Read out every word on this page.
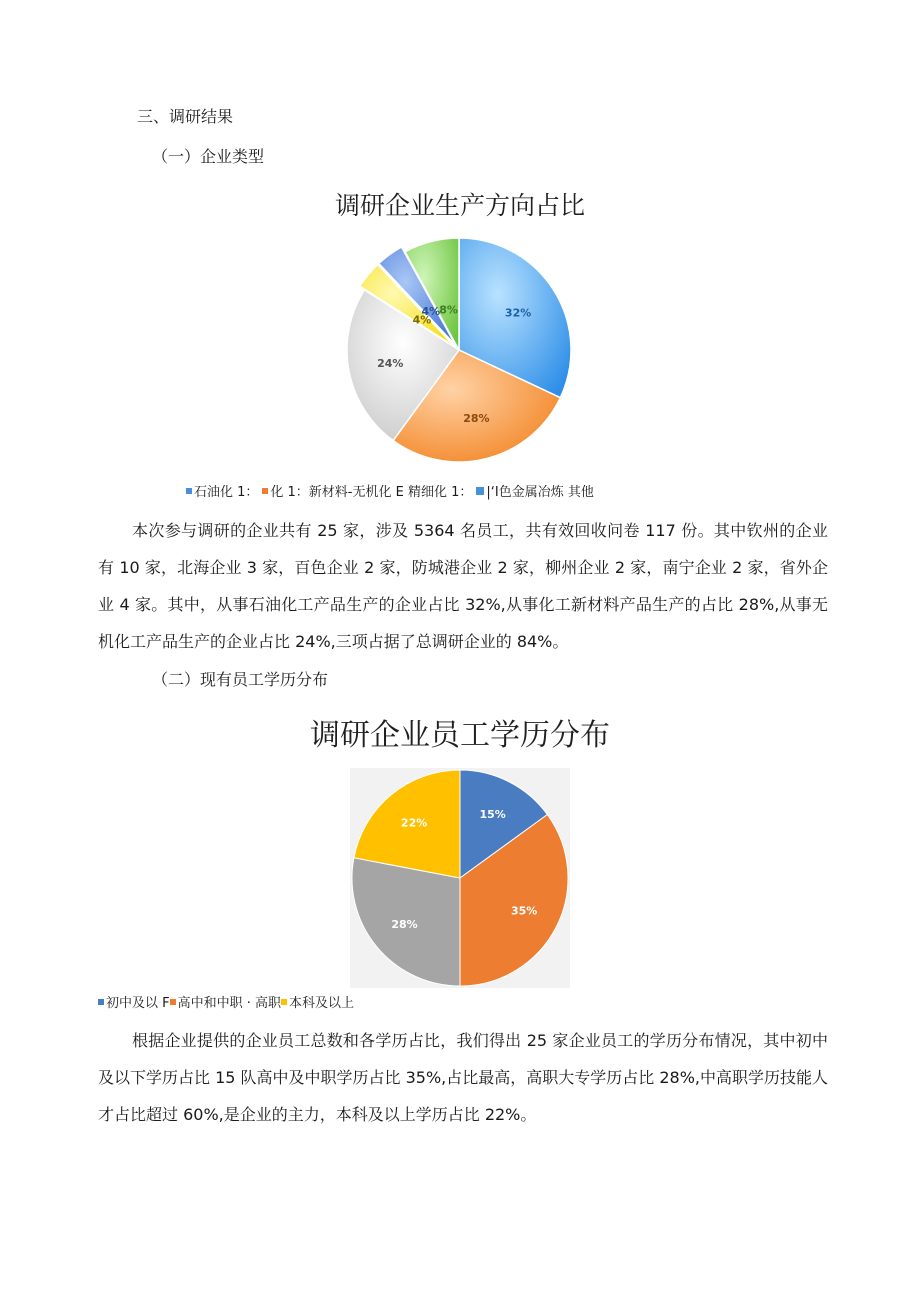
三、调研结果
（一）企业类型
调研企业生产方向占比
32%
28%
24%
4%
4% 8%
石油化 1： 化 1：新材料-无机化 E 精细化 1： |‘I色金属冶炼 其他
本次参与调研的企业共有 25 家，涉及 5364 名员工，共有效回收问卷 117 份。其中钦州的企业有 10 家，北海企业 3 家，百色企业 2 家，防城港企业 2 家，柳州企业 2 家，南宁企业 2 家，省外企业 4 家。其中，从事石油化工产品生产的企业占比 32%,从事化工新材料产品生产的占比 28%,从事无机化工产品生产的企业占比 24%,三项占据了总调研企业的 84%。
（二）现有员工学历分布
调研企业员工学历分布
15%
35%
28%
22%
初中及以 F 高中和中职 · 高职 本科及以上
根据企业提供的企业员工总数和各学历占比，我们得出 25 家企业员工的学历分布情况，其中初中及以下学历占比 15 队高中及中职学历占比 35%,占比最高，高职大专学历占比 28%,中高职学历技能人才占比超过 60%,是企业的主力，本科及以上学历占比 22%。
